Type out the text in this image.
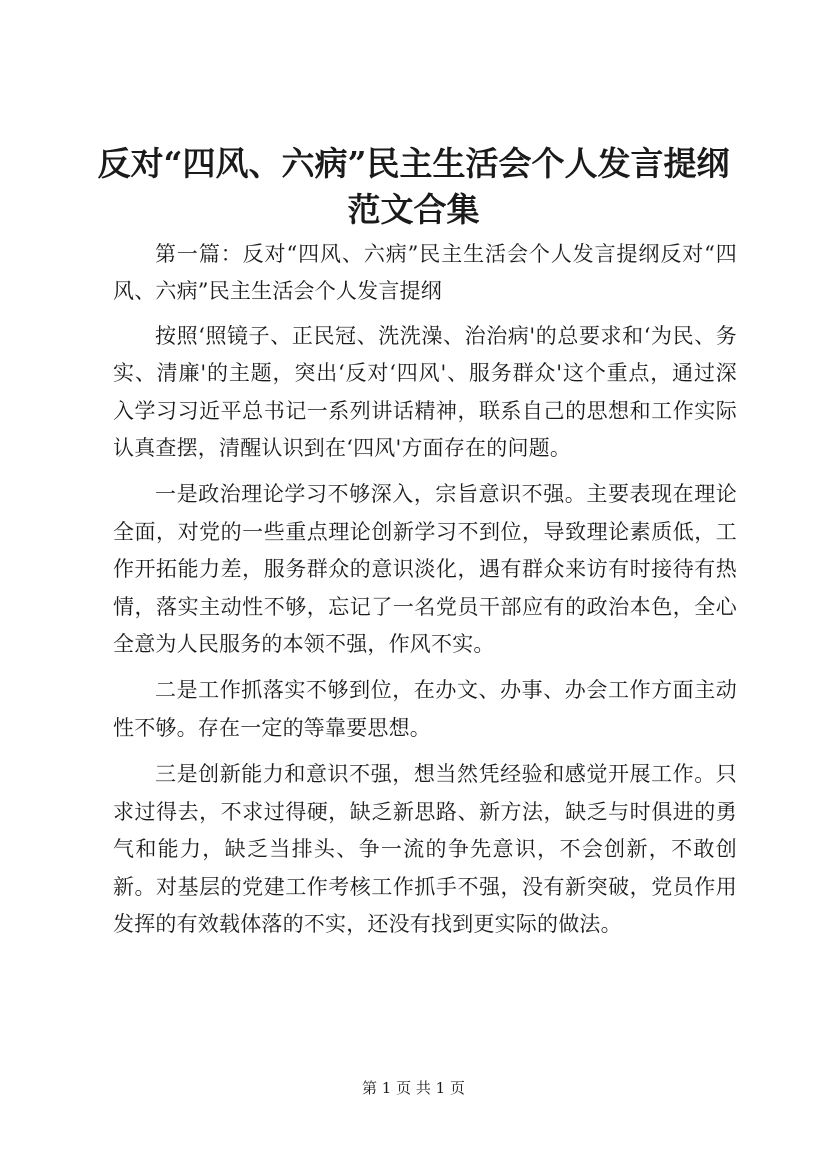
反对“四风、六病”民主生活会个人发言提纲
范文合集

第一篇：反对“四风、六病”民主生活会个人发言提纲反对“四风、六病”民主生活会个人发言提纲

按照‘照镜子、正民冠、洗洗澡、治治病'的总要求和‘为民、务实、清廉'的主题，突出‘反对‘四风'、服务群众'这个重点，通过深入学习习近平总书记一系列讲话精神，联系自己的思想和工作实际认真查摆，清醒认识到在‘四风'方面存在的问题。

一是政治理论学习不够深入，宗旨意识不强。主要表现在理论全面，对党的一些重点理论创新学习不到位，导致理论素质低，工作开拓能力差，服务群众的意识淡化，遇有群众来访有时接待有热情，落实主动性不够，忘记了一名党员干部应有的政治本色，全心全意为人民服务的本领不强，作风不实。

二是工作抓落实不够到位，在办文、办事、办会工作方面主动性不够。存在一定的等靠要思想。

三是创新能力和意识不强，想当然凭经验和感觉开展工作。只求过得去，不求过得硬，缺乏新思路、新方法，缺乏与时俱进的勇气和能力，缺乏当排头、争一流的争先意识，不会创新，不敢创新。对基层的党建工作考核工作抓手不强，没有新突破，党员作用发挥的有效载体落的不实，还没有找到更实际的做法。

第 1 页 共 1 页
